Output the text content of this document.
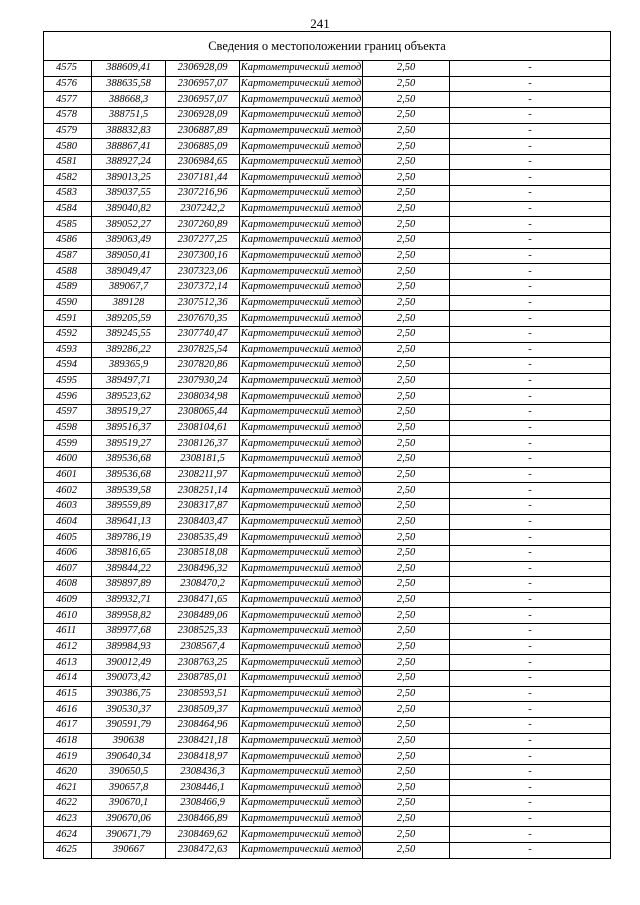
241
Сведения о местоположении границ объекта					
4575	388609,41	2306928,09	Картометрический метод	2,50	-
4576	388635,58	2306957,07	Картометрический метод	2,50	-
4577	388668,3	2306957,07	Картометрический метод	2,50	-
4578	388751,5	2306928,09	Картометрический метод	2,50	-
4579	388832,83	2306887,89	Картометрический метод	2,50	-
4580	388867,41	2306885,09	Картометрический метод	2,50	-
4581	388927,24	2306984,65	Картометрический метод	2,50	-
4582	389013,25	2307181,44	Картометрический метод	2,50	-
4583	389037,55	2307216,96	Картометрический метод	2,50	-
4584	389040,82	2307242,2	Картометрический метод	2,50	-
4585	389052,27	2307260,89	Картометрический метод	2,50	-
4586	389063,49	2307277,25	Картометрический метод	2,50	-
4587	389050,41	2307300,16	Картометрический метод	2,50	-
4588	389049,47	2307323,06	Картометрический метод	2,50	-
4589	389067,7	2307372,14	Картометрический метод	2,50	-
4590	389128	2307512,36	Картометрический метод	2,50	-
4591	389205,59	2307670,35	Картометрический метод	2,50	-
4592	389245,55	2307740,47	Картометрический метод	2,50	-
4593	389286,22	2307825,54	Картометрический метод	2,50	-
4594	389365,9	2307820,86	Картометрический метод	2,50	-
4595	389497,71	2307930,24	Картометрический метод	2,50	-
4596	389523,62	2308034,98	Картометрический метод	2,50	-
4597	389519,27	2308065,44	Картометрический метод	2,50	-
4598	389516,37	2308104,61	Картометрический метод	2,50	-
4599	389519,27	2308126,37	Картометрический метод	2,50	-
4600	389536,68	2308181,5	Картометрический метод	2,50	-
4601	389536,68	2308211,97	Картометрический метод	2,50	-
4602	389539,58	2308251,14	Картометрический метод	2,50	-
4603	389559,89	2308317,87	Картометрический метод	2,50	-
4604	389641,13	2308403,47	Картометрический метод	2,50	-
4605	389786,19	2308535,49	Картометрический метод	2,50	-
4606	389816,65	2308518,08	Картометрический метод	2,50	-
4607	389844,22	2308496,32	Картометрический метод	2,50	-
4608	389897,89	2308470,2	Картометрический метод	2,50	-
4609	389932,71	2308471,65	Картометрический метод	2,50	-
4610	389958,82	2308489,06	Картометрический метод	2,50	-
4611	389977,68	2308525,33	Картометрический метод	2,50	-
4612	389984,93	2308567,4	Картометрический метод	2,50	-
4613	390012,49	2308763,25	Картометрический метод	2,50	-
4614	390073,42	2308785,01	Картометрический метод	2,50	-
4615	390386,75	2308593,51	Картометрический метод	2,50	-
4616	390530,37	2308509,37	Картометрический метод	2,50	-
4617	390591,79	2308464,96	Картометрический метод	2,50	-
4618	390638	2308421,18	Картометрический метод	2,50	-
4619	390640,34	2308418,97	Картометрический метод	2,50	-
4620	390650,5	2308436,3	Картометрический метод	2,50	-
4621	390657,8	2308446,1	Картометрический метод	2,50	-
4622	390670,1	2308466,9	Картометрический метод	2,50	-
4623	390670,06	2308466,89	Картометрический метод	2,50	-
4624	390671,79	2308469,62	Картометрический метод	2,50	-
4625	390667	2308472,63	Картометрический метод	2,50	-
